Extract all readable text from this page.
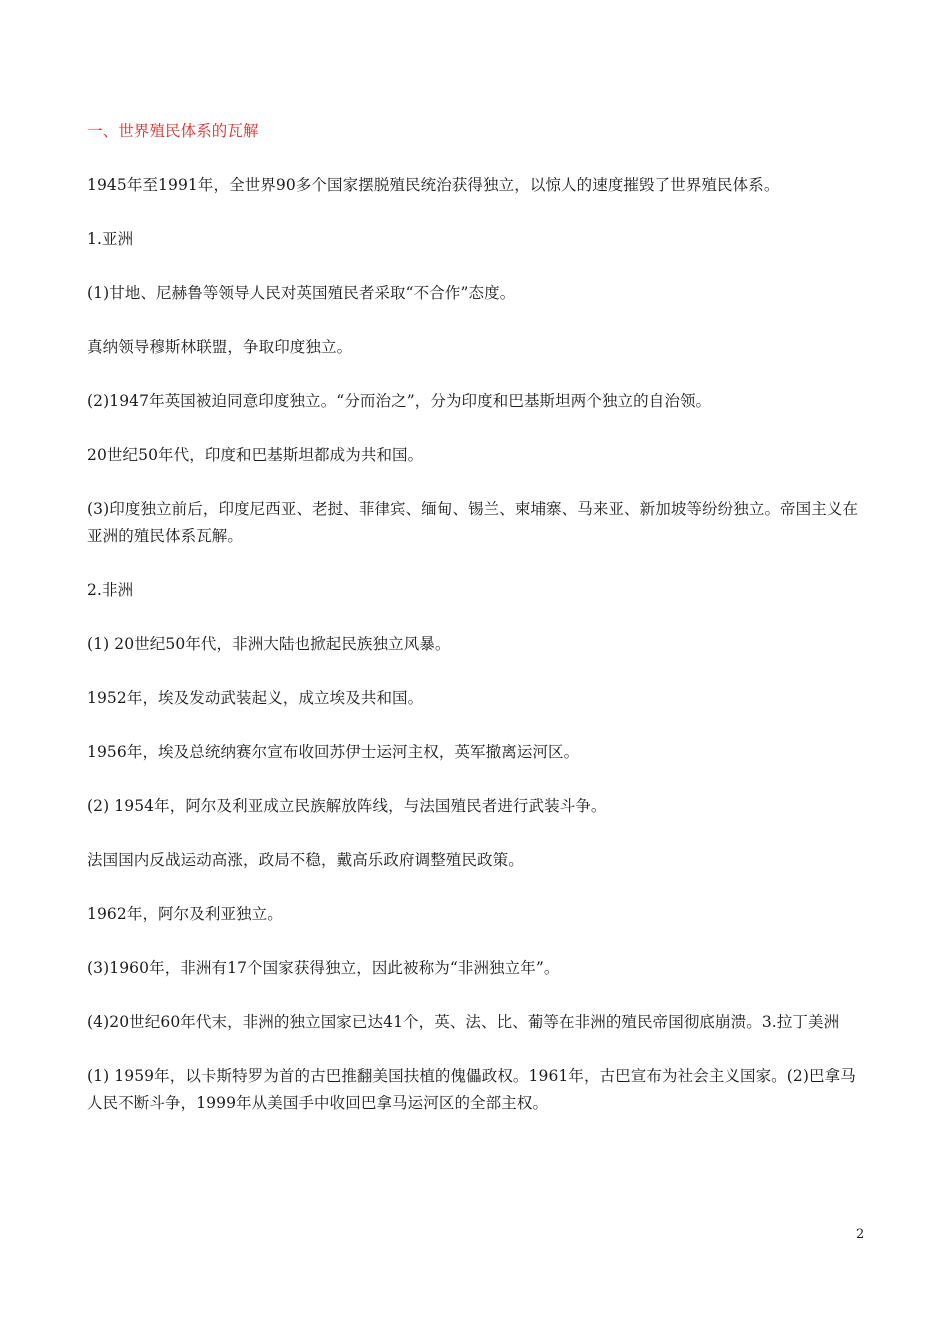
一、世界殖民体系的瓦解

1945年至1991年，全世界90多个国家摆脱殖民统治获得独立，以惊人的速度摧毁了世界殖民体系。

1.亚洲

(1)甘地、尼赫鲁等领导人民对英国殖民者采取“不合作”态度。

真纳领导穆斯林联盟，争取印度独立。

(2)1947年英国被迫同意印度独立。“分而治之”，分为印度和巴基斯坦两个独立的自治领。

20世纪50年代，印度和巴基斯坦都成为共和国。

(3)印度独立前后，印度尼西亚、老挝、菲律宾、缅甸、锡兰、柬埔寨、马来亚、新加坡等纷纷独立。帝国主义在亚洲的殖民体系瓦解。

2.非洲

(1) 20世纪50年代，非洲大陆也掀起民族独立风暴。

1952年，埃及发动武装起义，成立埃及共和国。

1956年，埃及总统纳赛尔宣布收回苏伊士运河主权，英军撤离运河区。

(2) 1954年，阿尔及利亚成立民族解放阵线，与法国殖民者进行武装斗争。

法国国内反战运动高涨，政局不稳，戴高乐政府调整殖民政策。

1962年，阿尔及利亚独立。

(3)1960年，非洲有17个国家获得独立，因此被称为“非洲独立年”。

(4)20世纪60年代末，非洲的独立国家已达41个，英、法、比、葡等在非洲的殖民帝国彻底崩溃。3.拉丁美洲

(1) 1959年，以卡斯特罗为首的古巴推翻美国扶植的傀儡政权。1961年，古巴宣布为社会主义国家。(2)巴拿马人民不断斗争，1999年从美国手中收回巴拿马运河区的全部主权。

2
